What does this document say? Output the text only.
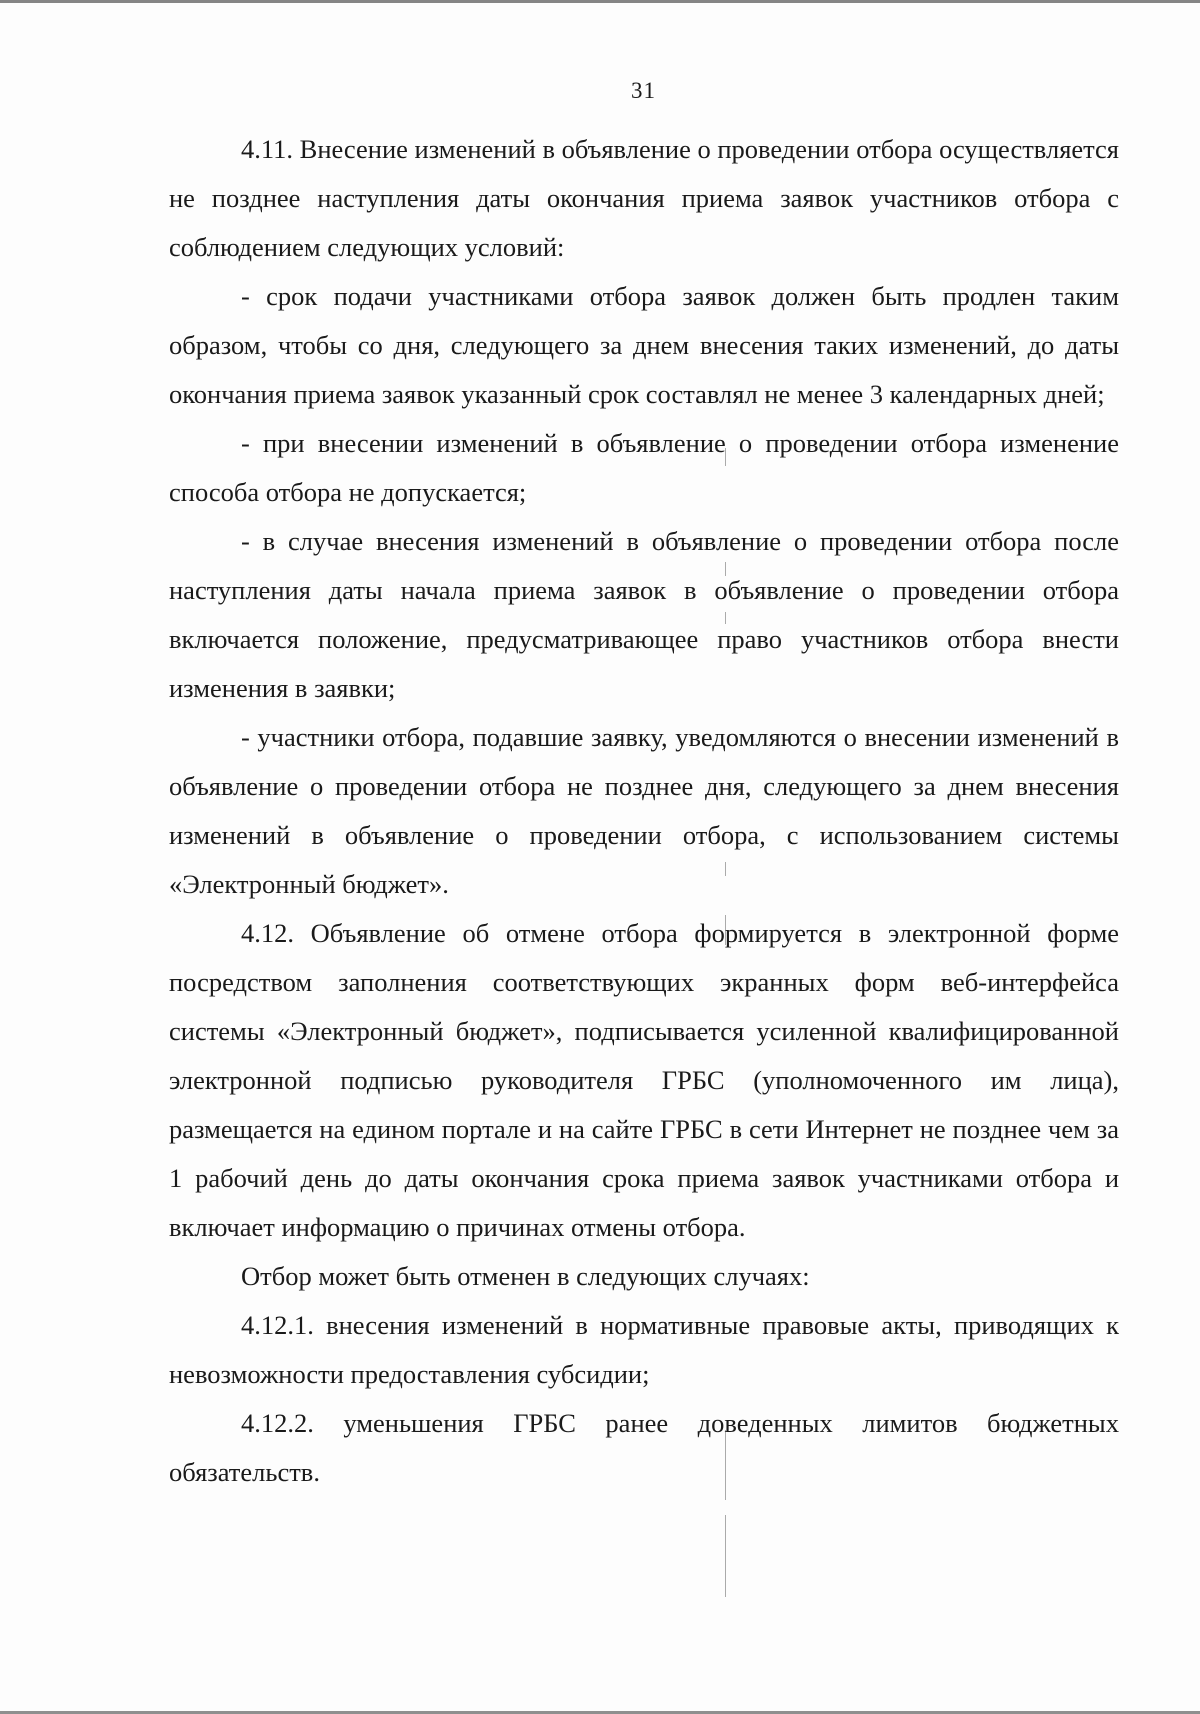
31

4.11. Внесение изменений в объявление о проведении отбора осуществляется не позднее наступления даты окончания приема заявок участников отбора с соблюдением следующих условий:

- срок подачи участниками отбора заявок должен быть продлен таким образом, чтобы со дня, следующего за днем внесения таких изменений, до даты окончания приема заявок указанный срок составлял не менее 3 календарных дней;

- при внесении изменений в объявление о проведении отбора изменение способа отбора не допускается;

- в случае внесения изменений в объявление о проведении отбора после наступления даты начала приема заявок в объявление о проведении отбора включается положение, предусматривающее право участников отбора внести изменения в заявки;

- участники отбора, подавшие заявку, уведомляются о внесении изменений в объявление о проведении отбора не позднее дня, следующего за днем внесения изменений в объявление о проведении отбора, с использованием системы «Электронный бюджет».

4.12. Объявление об отмене отбора формируется в электронной форме посредством заполнения соответствующих экранных форм веб-интерфейса системы «Электронный бюджет», подписывается усиленной квалифицированной электронной подписью руководителя ГРБС (уполномоченного им лица), размещается на едином портале и на сайте ГРБС в сети Интернет не позднее чем за 1 рабочий день до даты окончания срока приема заявок участниками отбора и включает информацию о причинах отмены отбора.

Отбор может быть отменен в следующих случаях:

4.12.1. внесения изменений в нормативные правовые акты, приводящих к невозможности предоставления субсидии;

4.12.2. уменьшения ГРБС ранее доведенных лимитов бюджетных обязательств.
